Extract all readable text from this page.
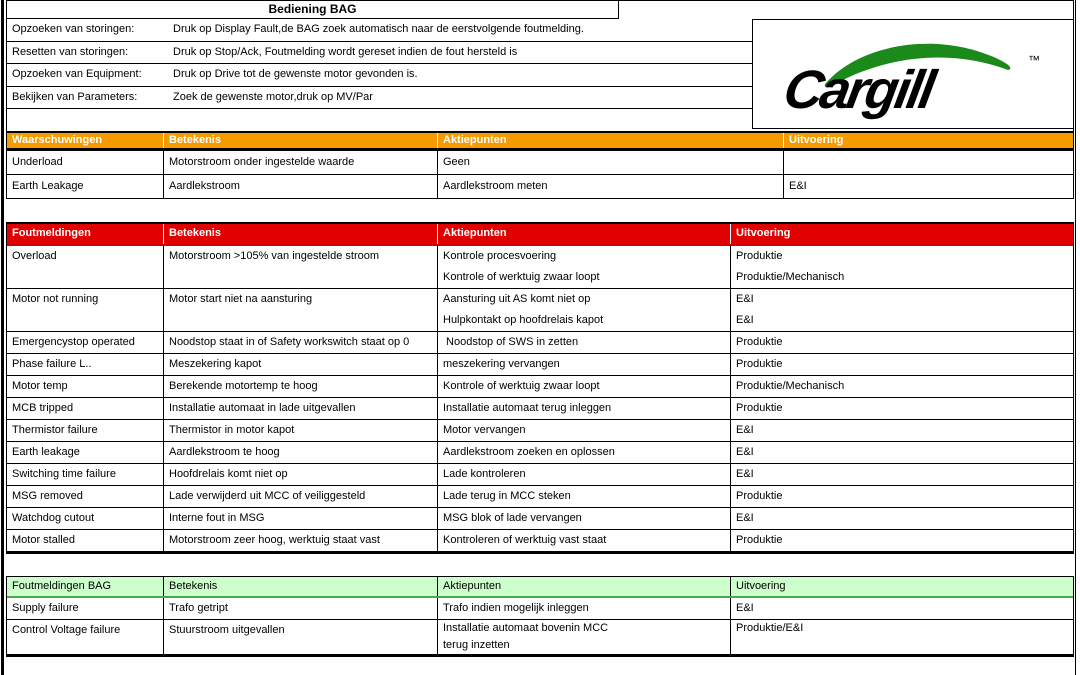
Bediening BAG
Opzoeken van storingen:	Druk op Display Fault,de BAG zoek automatisch naar de eerstvolgende foutmelding.
Resetten van storingen:	Druk op Stop/Ack, Foutmelding wordt gereset indien de fout hersteld is
Opzoeken van Equipment:	Druk op Drive tot de gewenste motor gevonden is.
Bekijken van Parameters:	Zoek de gewenste motor,druk op MV/Par	Cargill	™
Waarschuwingen	Betekenis	Aktiepunten	Uitvoering
Underload	Motorstroom onder ingestelde waarde	Geen
Earth Leakage	Aardlekstroom	Aardlekstroom meten	E&I
Foutmeldingen	Betekenis	Aktiepunten	Uitvoering
Overload	Motorstroom >105% van ingestelde stroom	Kontrole procesvoering	Produktie
Kontrole of werktuig zwaar loopt	Produktie/Mechanisch
Motor not running	Motor start niet na aansturing	Aansturing uit AS komt niet op	E&I
Hulpkontakt op hoofdrelais kapot	E&I
Emergencystop operated	Noodstop staat in of Safety workswitch staat op 0	Noodstop of SWS in zetten	Produktie
Phase failure L..	Meszekering kapot	meszekering vervangen	Produktie
Motor temp	Berekende motortemp te hoog	Kontrole of werktuig zwaar loopt	Produktie/Mechanisch
MCB tripped	Installatie automaat in lade uitgevallen	Installatie automaat terug inleggen	Produktie
Thermistor failure	Thermistor in motor kapot	Motor vervangen	E&I
Earth leakage	Aardlekstroom te hoog	Aardlekstroom zoeken en oplossen	E&I
Switching time failure	Hoofdrelais komt niet op	Lade kontroleren	E&I
MSG removed	Lade verwijderd uit MCC of veiliggesteld	Lade terug in MCC steken	Produktie
Watchdog cutout	Interne fout in MSG	MSG blok of lade vervangen	E&I
Motor stalled	Motorstroom zeer hoog, werktuig staat vast	Kontroleren of werktuig vast staat	Produktie
Foutmeldingen BAG	Betekenis	Aktiepunten	Uitvoering
Supply failure	Trafo getript	Trafo indien mogelijk inleggen	E&I
Control Voltage failure	Stuurstroom uitgevallen	Installatie automaat bovenin MCC	Produktie/E&I
terug inzetten
